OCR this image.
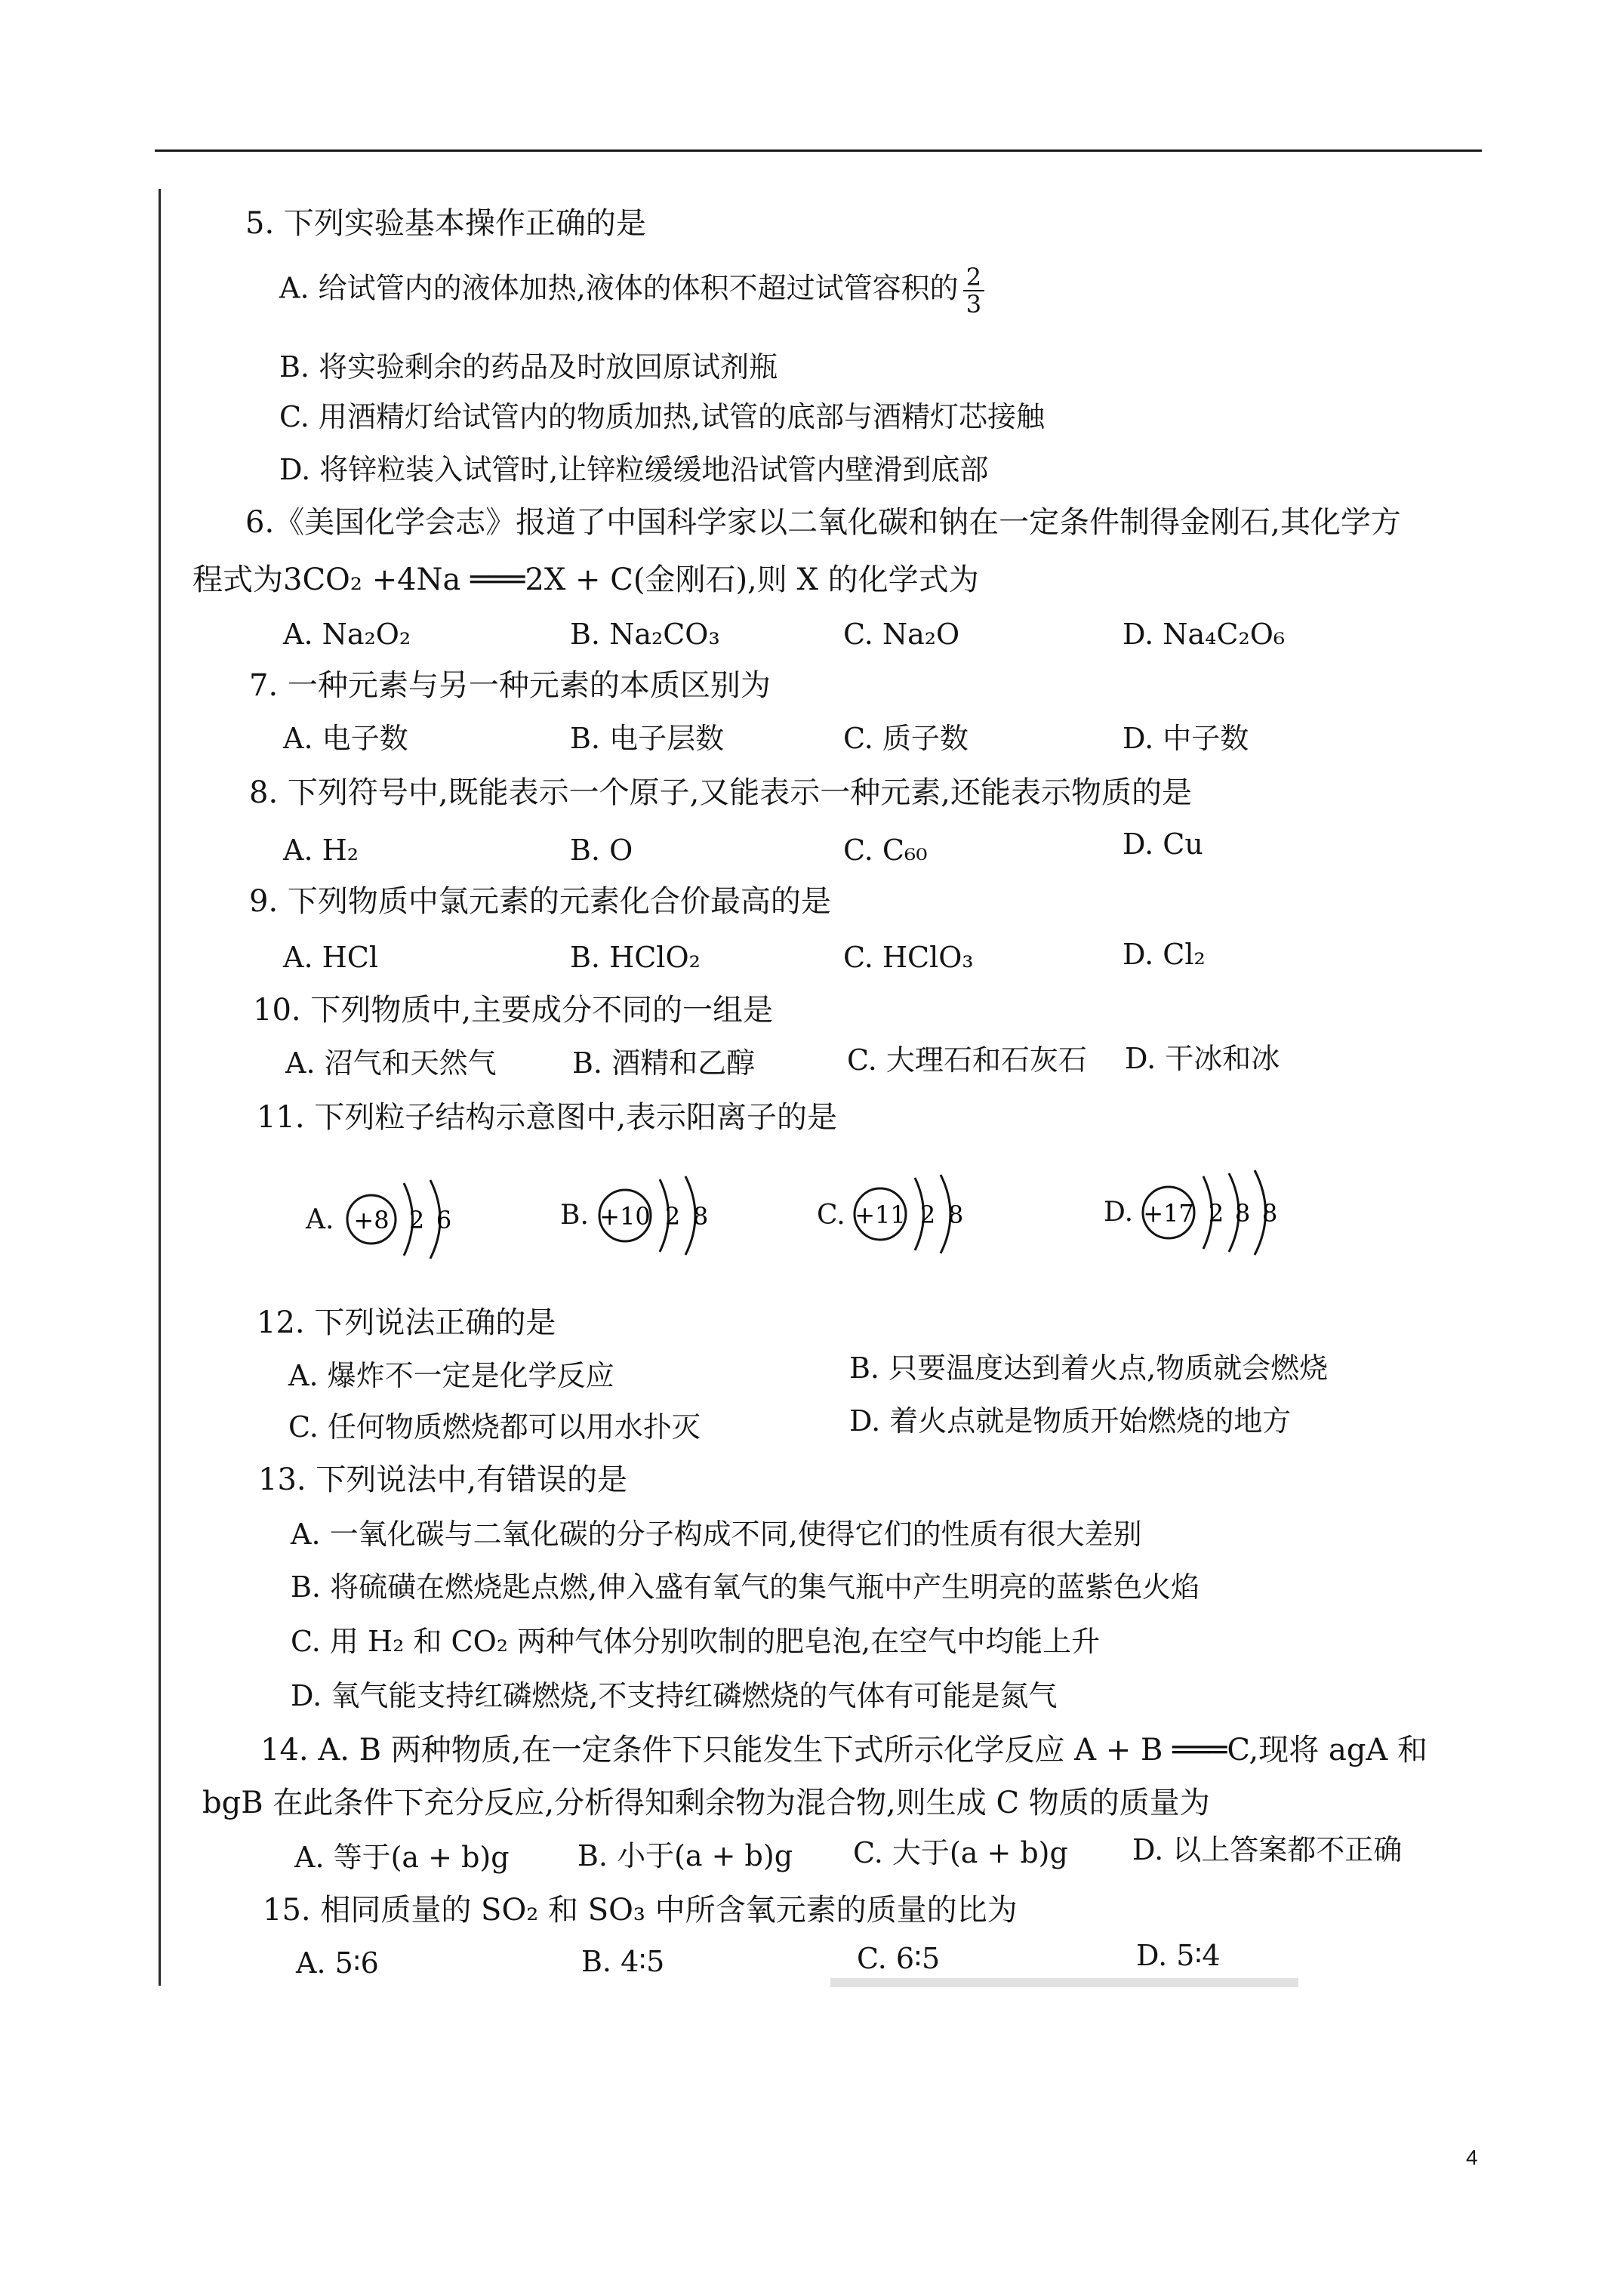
5. 下列实验基本操作正确的是
A. 给试管内的液体加热,液体的体积不超过试管容积的 $\frac{2}{3}$
B. 将实验剩余的药品及时放回原试剂瓶
C. 用酒精灯给试管内的物质加热,试管的底部与酒精灯芯接触
D. 将锌粒装入试管时,让锌粒缓缓地沿试管内壁滑到底部
6.《美国化学会志》报道了中国科学家以二氧化碳和钠在一定条件制得金刚石,其化学方
程式为3CO₂ +4Na ═══2X + C(金刚石),则 X 的化学式为
A. Na₂O₂	B. Na₂CO₃	C. Na₂O	D. Na₄C₂O₆
7. 一种元素与另一种元素的本质区别为
A. 电子数	B. 电子层数	C. 质子数	D. 中子数
8. 下列符号中,既能表示一个原子,又能表示一种元素,还能表示物质的是
A. H₂	B. O	C. C₆₀	D. Cu
9. 下列物质中氯元素的元素化合价最高的是
A. HCl	B. HClO₂	C. HClO₃	D. Cl₂
10. 下列物质中,主要成分不同的一组是
A. 沼气和天然气	B. 酒精和乙醇	C. 大理石和石灰石 D. 干冰和冰
11. 下列粒子结构示意图中,表示阳离子的是
A. +8 2 6	B. +10 2 8	C. +11 2 8	D. +17 2 8 8
12. 下列说法正确的是
A. 爆炸不一定是化学反应	B. 只要温度达到着火点,物质就会燃烧
C. 任何物质燃烧都可以用水扑灭	D. 着火点就是物质开始燃烧的地方
13. 下列说法中,有错误的是
A. 一氧化碳与二氧化碳的分子构成不同,使得它们的性质有很大差别
B. 将硫磺在燃烧匙点燃,伸入盛有氧气的集气瓶中产生明亮的蓝紫色火焰
C. 用 H₂ 和 CO₂ 两种气体分别吹制的肥皂泡,在空气中均能上升
D. 氧气能支持红磷燃烧,不支持红磷燃烧的气体有可能是氮气
14. A. B 两种物质,在一定条件下只能发生下式所示化学反应 A + B ═══C,现将 agA 和
bgB 在此条件下充分反应,分析得知剩余物为混合物,则生成 C 物质的质量为
A. 等于(a + b)g B. 小于(a + b)g C. 大于(a + b)g D. 以上答案都不正确
15. 相同质量的 SO₂ 和 SO₃ 中所含氧元素的质量的比为
A. 5∶6	B. 4∶5	C. 6∶5	D. 5∶4
4
